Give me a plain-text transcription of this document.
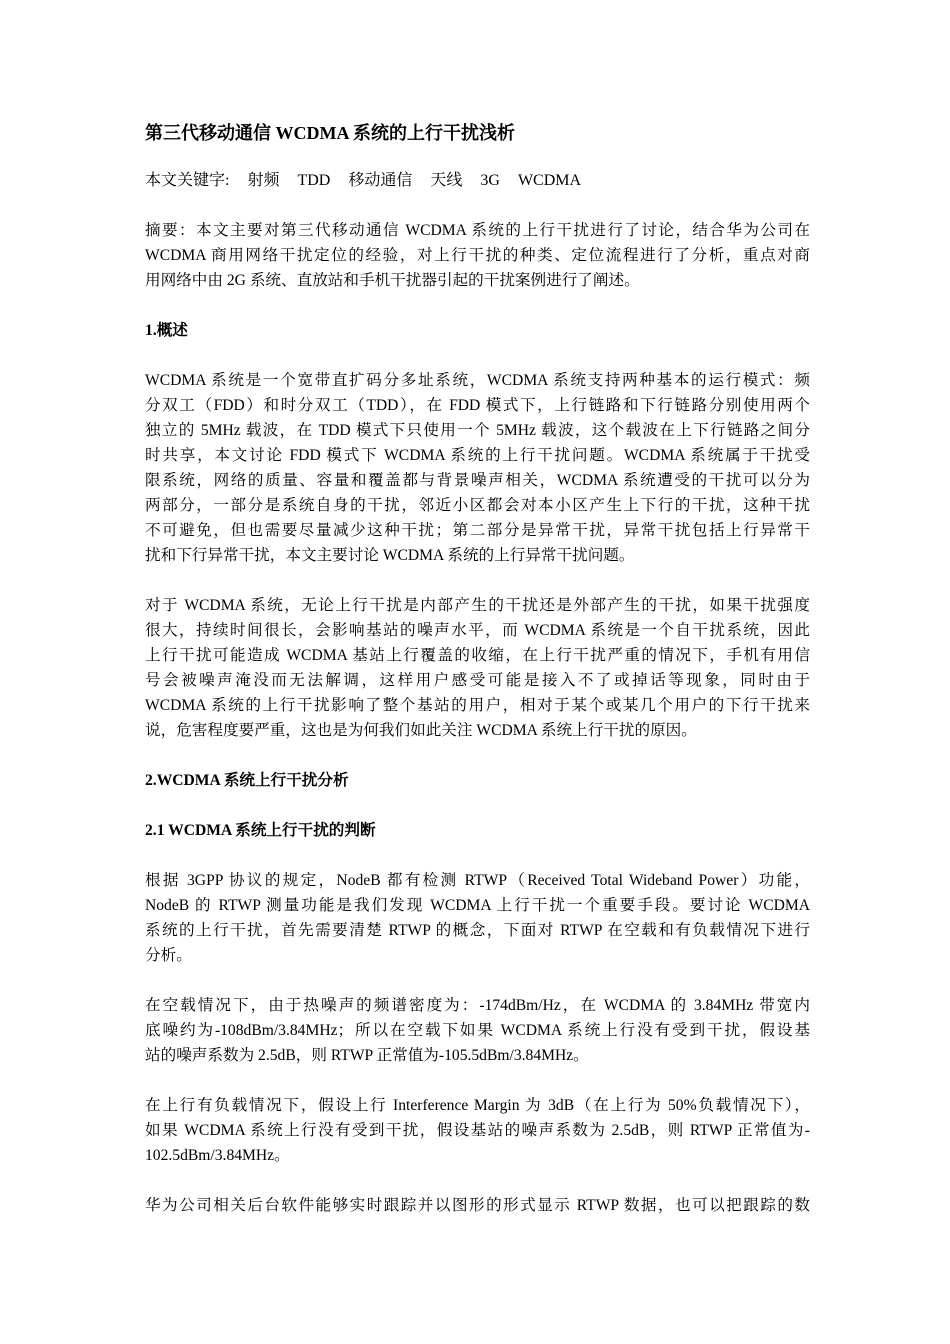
第三代移动通信 WCDMA 系统的上行干扰浅析
本文关键字: 射频 TDD 移动通信 天线 3G WCDMA

摘要：本文主要对第三代移动通信 WCDMA 系统的上行干扰进行了讨论，结合华为公司在
WCDMA 商用网络干扰定位的经验，对上行干扰的种类、定位流程进行了分析，重点对商
用网络中由 2G 系统、直放站和手机干扰器引起的干扰案例进行了阐述。

1.概述

WCDMA 系统是一个宽带直扩码分多址系统，WCDMA 系统支持两种基本的运行模式：频
分双工（FDD）和时分双工（TDD），在 FDD 模式下，上行链路和下行链路分别使用两个
独立的 5MHz 载波，在 TDD 模式下只使用一个 5MHz 载波，这个载波在上下行链路之间分
时共享，本文讨论 FDD 模式下 WCDMA 系统的上行干扰问题。WCDMA 系统属于干扰受
限系统，网络的质量、容量和覆盖都与背景噪声相关，WCDMA 系统遭受的干扰可以分为
两部分，一部分是系统自身的干扰，邻近小区都会对本小区产生上下行的干扰，这种干扰
不可避免，但也需要尽量减少这种干扰；第二部分是异常干扰，异常干扰包括上行异常干
扰和下行异常干扰，本文主要讨论 WCDMA 系统的上行异常干扰问题。

对于 WCDMA 系统，无论上行干扰是内部产生的干扰还是外部产生的干扰，如果干扰强度
很大，持续时间很长，会影响基站的噪声水平，而 WCDMA 系统是一个自干扰系统，因此
上行干扰可能造成 WCDMA 基站上行覆盖的收缩，在上行干扰严重的情况下，手机有用信
号会被噪声淹没而无法解调，这样用户感受可能是接入不了或掉话等现象，同时由于
WCDMA 系统的上行干扰影响了整个基站的用户，相对于某个或某几个用户的下行干扰来
说，危害程度要严重，这也是为何我们如此关注 WCDMA 系统上行干扰的原因。

2.WCDMA 系统上行干扰分析
2.1 WCDMA 系统上行干扰的判断

根据 3GPP 协议的规定，NodeB 都有检测 RTWP（Received Total Wideband Power）功能，
NodeB 的 RTWP 测量功能是我们发现 WCDMA 上行干扰一个重要手段。要讨论 WCDMA
系统的上行干扰，首先需要清楚 RTWP 的概念，下面对 RTWP 在空载和有负载情况下进行
分析。

在空载情况下，由于热噪声的频谱密度为：-174dBm/Hz，在 WCDMA 的 3.84MHz 带宽内
底噪约为-108dBm/3.84MHz；所以在空载下如果 WCDMA 系统上行没有受到干扰，假设基
站的噪声系数为 2.5dB，则 RTWP 正常值为-105.5dBm/3.84MHz。

在上行有负载情况下，假设上行 Interference Margin 为 3dB（在上行为 50%负载情况下），
如果 WCDMA 系统上行没有受到干扰，假设基站的噪声系数为 2.5dB，则 RTWP 正常值为-
102.5dBm/3.84MHz。

华为公司相关后台软件能够实时跟踪并以图形的形式显示 RTWP 数据，也可以把跟踪的数
